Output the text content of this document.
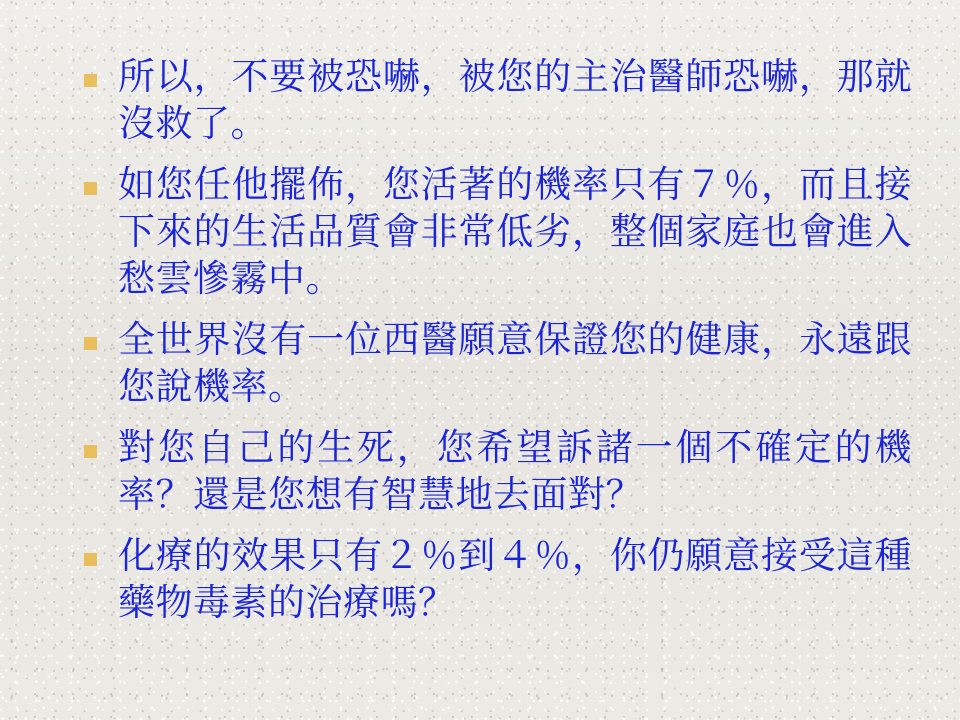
所以，不要被恐嚇，被您的主治醫師恐嚇，那就沒救了。
如您任他擺佈，您活著的機率只有７％，而且接下來的生活品質會非常低劣，整個家庭也會進入愁雲慘霧中。
全世界沒有一位西醫願意保證您的健康，永遠跟您說機率。
對您自己的生死，您希望訴諸一個不確定的機率？還是您想有智慧地去面對？
化療的效果只有２％到４％，你仍願意接受這種藥物毒素的治療嗎？
